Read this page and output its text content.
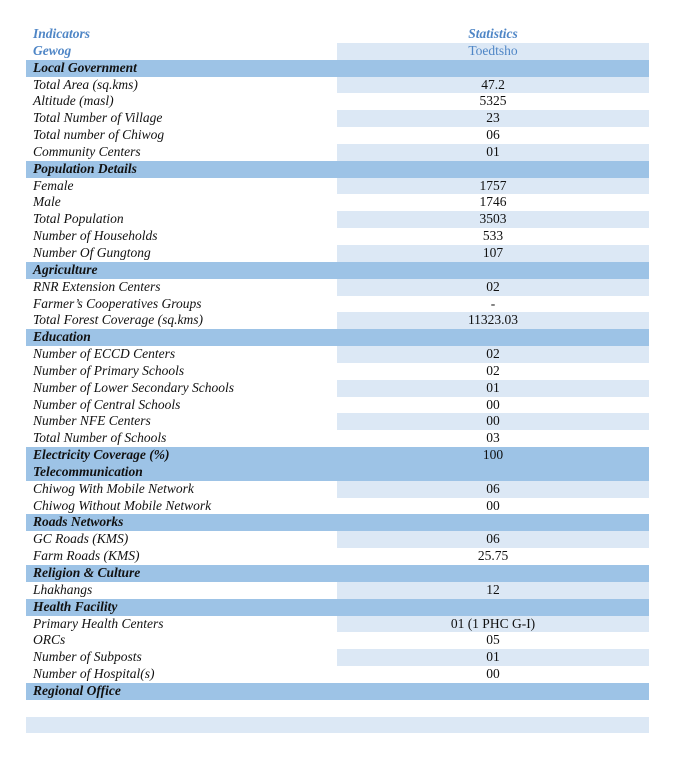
Indicators	Statistics
Gewog	Toedtsho
Local Government
Total Area (sq.kms)	47.2
Altitude (masl)	5325
Total Number of Village	23
Total number of Chiwog	06
Community Centers	01
Population Details
Female	1757
Male	1746
Total Population	3503
Number of Households	533
Number Of Gungtong	107
Agriculture
RNR Extension Centers	02
Farmer’s Cooperatives Groups	-
Total Forest Coverage (sq.kms)	11323.03
Education
Number of ECCD Centers	02
Number of Primary Schools	02
Number of Lower Secondary Schools	01
Number of Central Schools	00
Number NFE Centers	00
Total Number of Schools	03
Electricity Coverage (%)	100
Telecommunication
Chiwog With Mobile Network	06
Chiwog Without Mobile Network	00
Roads Networks
GC Roads (KMS)	06
Farm Roads (KMS)	25.75
Religion & Culture
Lhakhangs	12
Health Facility
Primary Health Centers	01 (1 PHC G-I)
ORCs	05
Number of Subposts	01
Number of Hospital(s)	00
Regional Office
